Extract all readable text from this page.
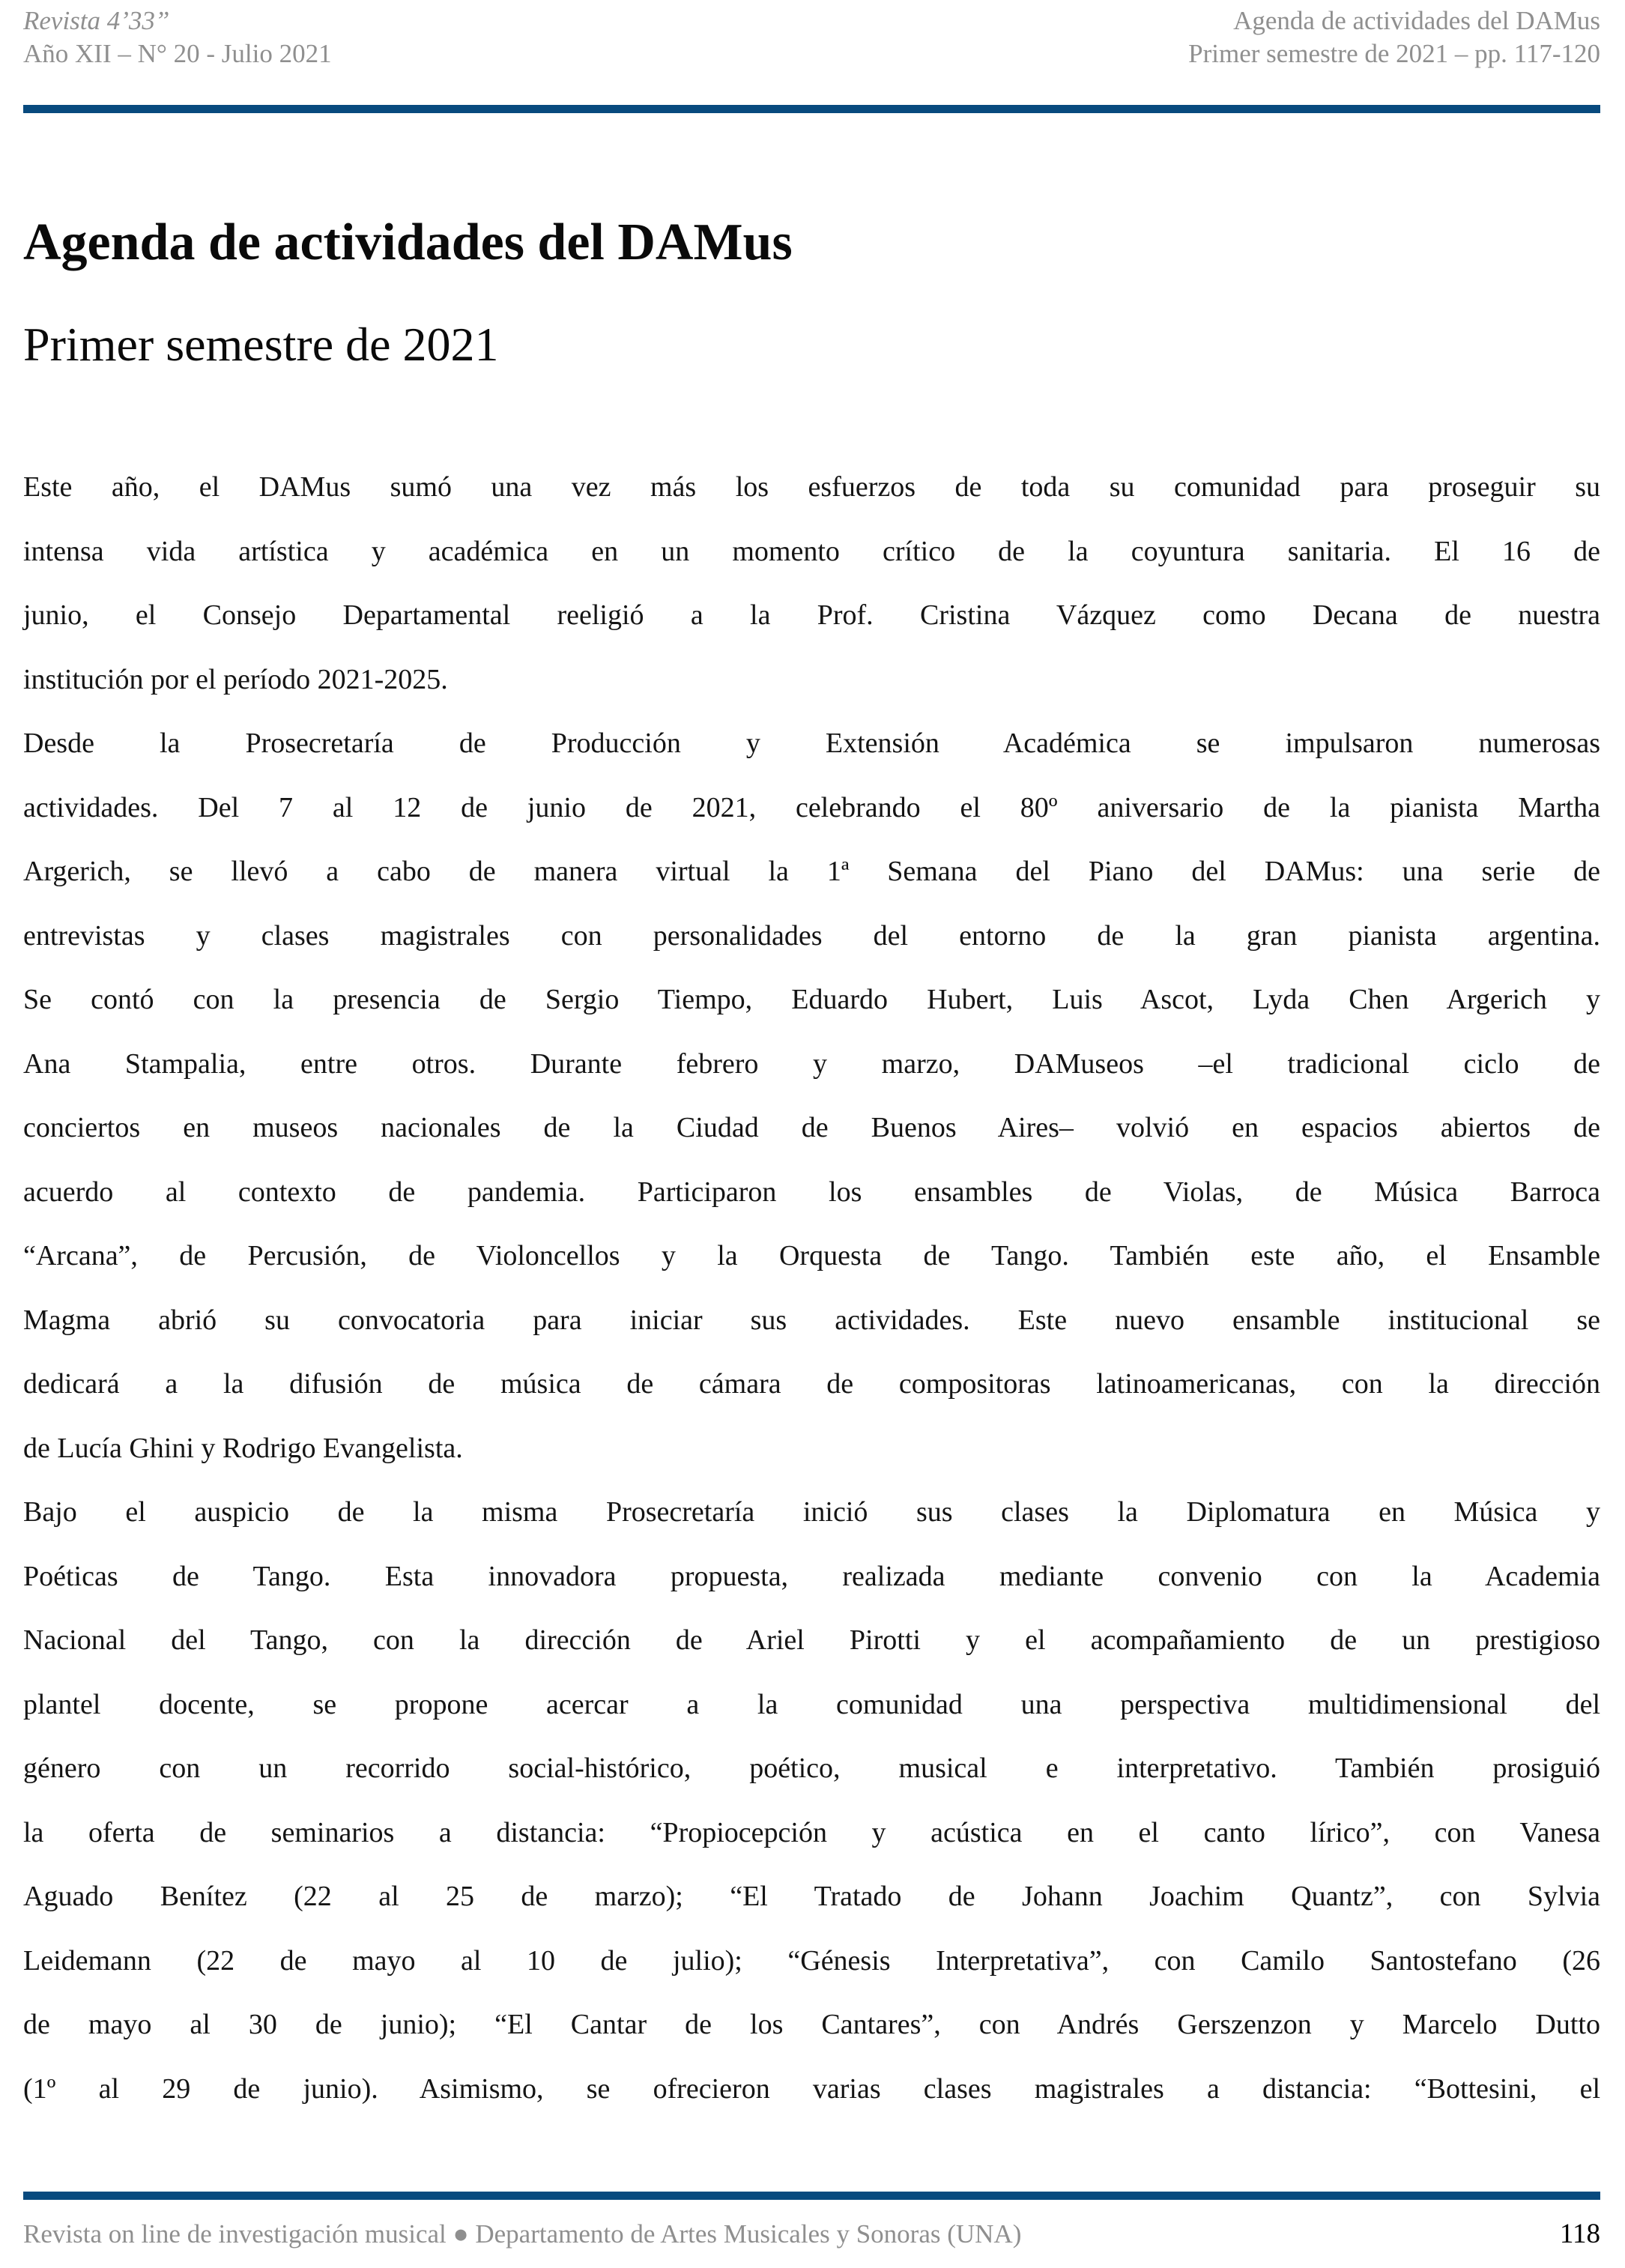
Revista 4’33”
Año XII – N° 20 - Julio 2021
Agenda de actividades del DAMus
Primer semestre de 2021 – pp. 117-120
Agenda de actividades del DAMus
Primer semestre de 2021
Este año, el DAMus sumó una vez más los esfuerzos de toda su comunidad para proseguir su
intensa vida artística y académica en un momento crítico de la coyuntura sanitaria. El 16 de
junio, el Consejo Departamental reeligió a la Prof. Cristina Vázquez como Decana de nuestra
institución por el período 2021-2025.
Desde la Prosecretaría de Producción y Extensión Académica se impulsaron numerosas
actividades. Del 7 al 12 de junio de 2021, celebrando el 80º aniversario de la pianista Martha
Argerich, se llevó a cabo de manera virtual la 1ª Semana del Piano del DAMus: una serie de
entrevistas y clases magistrales con personalidades del entorno de la gran pianista argentina.
Se contó con la presencia de Sergio Tiempo, Eduardo Hubert, Luis Ascot, Lyda Chen Argerich y
Ana Stampalia, entre otros. Durante febrero y marzo, DAMuseos –el tradicional ciclo de
conciertos en museos nacionales de la Ciudad de Buenos Aires– volvió en espacios abiertos de
acuerdo al contexto de pandemia. Participaron los ensambles de Violas, de Música Barroca
“Arcana”, de Percusión, de Violoncellos y la Orquesta de Tango. También este año, el Ensamble
Magma abrió su convocatoria para iniciar sus actividades. Este nuevo ensamble institucional se
dedicará a la difusión de música de cámara de compositoras latinoamericanas, con la dirección
de Lucía Ghini y Rodrigo Evangelista.
Bajo el auspicio de la misma Prosecretaría inició sus clases la Diplomatura en Música y
Poéticas de Tango. Esta innovadora propuesta, realizada mediante convenio con la Academia
Nacional del Tango, con la dirección de Ariel Pirotti y el acompañamiento de un prestigioso
plantel docente, se propone acercar a la comunidad una perspectiva multidimensional del
género con un recorrido social-histórico, poético, musical e interpretativo. También prosiguió
la oferta de seminarios a distancia: “Propiocepción y acústica en el canto lírico”, con Vanesa
Aguado Benítez (22 al 25 de marzo); “El Tratado de Johann Joachim Quantz”, con Sylvia
Leidemann (22 de mayo al 10 de julio); “Génesis Interpretativa”, con Camilo Santostefano (26
de mayo al 30 de junio); “El Cantar de los Cantares”, con Andrés Gerszenzon y Marcelo Dutto
(1º al 29 de junio). Asimismo, se ofrecieron varias clases magistrales a distancia: “Bottesini, el
Revista on line de investigación musical ● Departamento de Artes Musicales y Sonoras (UNA)	118
